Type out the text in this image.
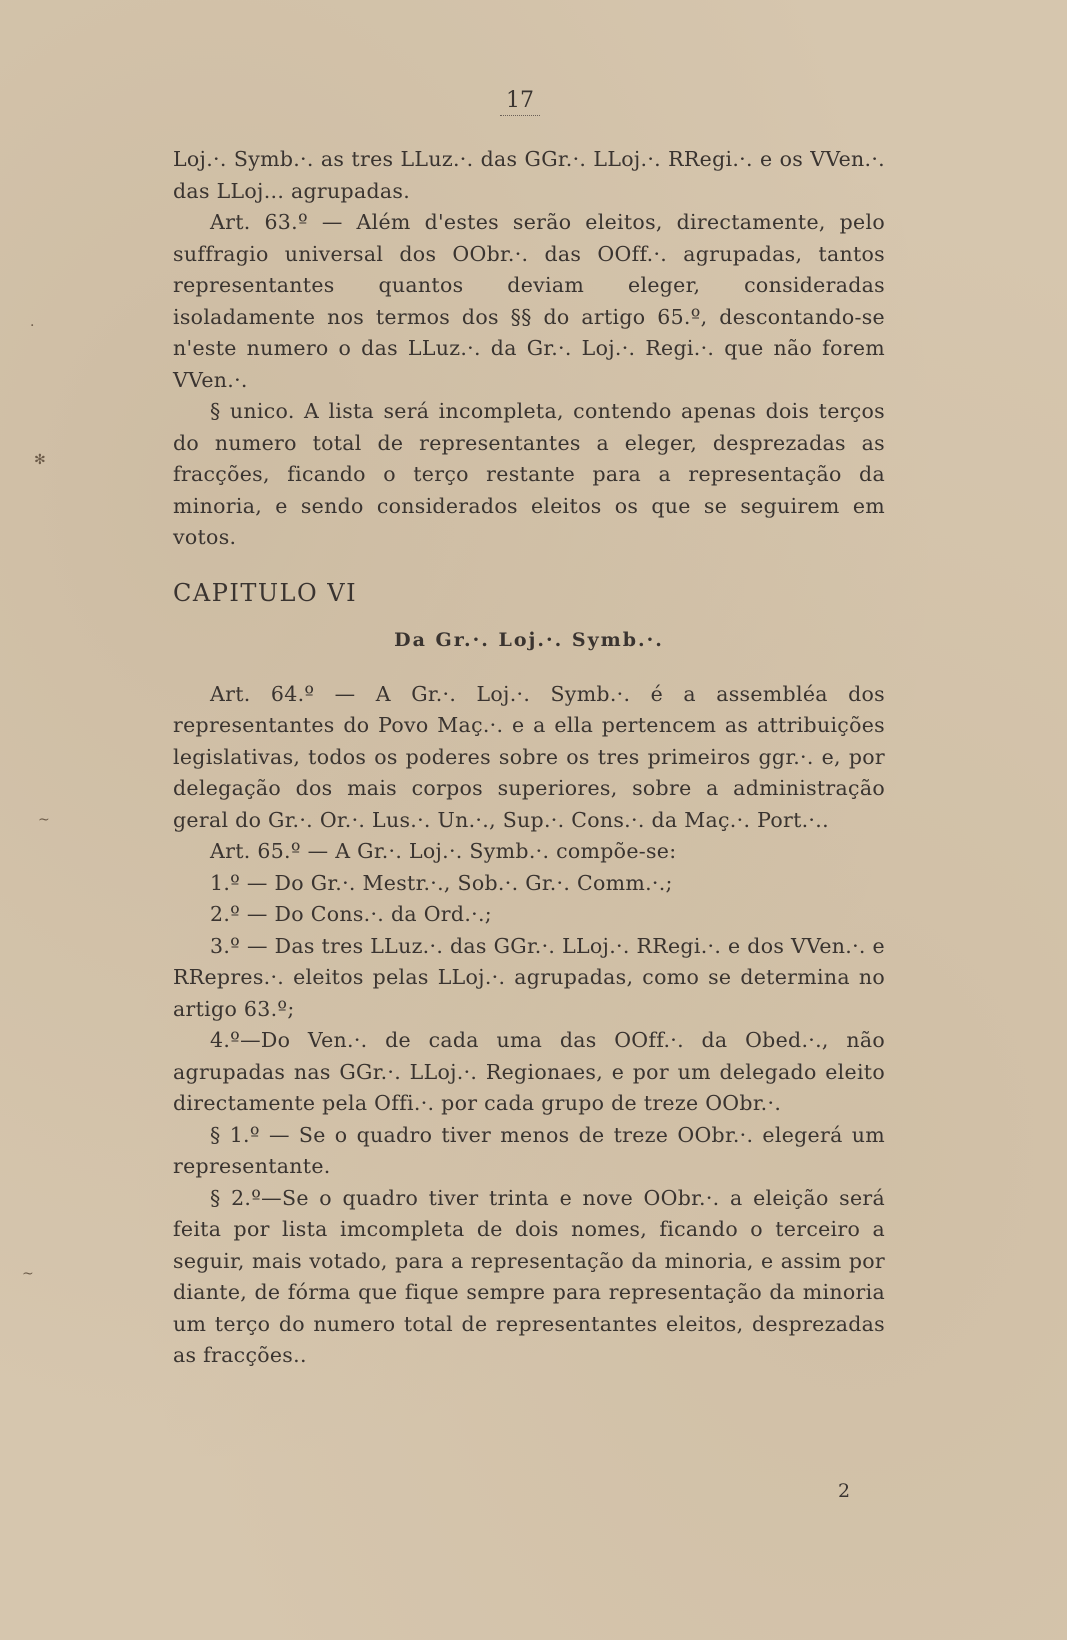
17

Loj.·. Symb.·. as tres LLuz.·. das GGr.·. LLoj.·. RRegi.·. e os VVen.·. das LLoj... agrupadas.

Art. 63.º — Além d'estes serão eleitos, directamente, pelo suffragio universal dos OObr.·. das OOff.·. agrupadas, tantos representantes quantos deviam eleger, consideradas isoladamente nos termos dos §§ do artigo 65.º, descontando-se n'este numero o das LLuz.·. da Gr.·. Loj.·. Regi.·. que não forem VVen.·.

§ unico. A lista será incompleta, contendo apenas dois terços do numero total de representantes a eleger, desprezadas as fracções, ficando o terço restante para a representação da minoria, e sendo considerados eleitos os que se seguirem em votos.

CAPITULO VI

Da Gr.·. Loj.·. Symb.·.

Art. 64.º — A Gr.·. Loj.·. Symb.·. é a assembléa dos representantes do Povo Maç.·. e a ella pertencem as attribuições legislativas, todos os poderes sobre os tres primeiros ggr.·. e, por delegação dos mais corpos superiores, sobre a administração geral do Gr.·. Or.·. Lus.·. Un.·., Sup.·. Cons.·. da Maç.·. Port.·..

Art. 65.º — A Gr.·. Loj.·. Symb.·. compõe-se:

1.º — Do Gr.·. Mestr.·., Sob.·. Gr.·. Comm.·.;

2.º — Do Cons.·. da Ord.·.;

3.º — Das tres LLuz.·. das GGr.·. LLoj.·. RRegi.·. e dos VVen.·. e RRepres.·. eleitos pelas LLoj.·. agrupadas, como se determina no artigo 63.º;

4.º—Do Ven.·. de cada uma das OOff.·. da Obed.·., não agrupadas nas GGr.·. LLoj.·. Regionaes, e por um delegado eleito directamente pela Offi.·. por cada grupo de treze OObr.·.

§ 1.º — Se o quadro tiver menos de treze OObr.·. elegerá um representante.

§ 2.º—Se o quadro tiver trinta e nove OObr.·. a eleição será feita por lista imcompleta de dois nomes, ficando o terceiro a seguir, mais votado, para a representação da minoria, e assim por diante, de fórma que fique sempre para representação da minoria um terço do numero total de representantes eleitos, desprezadas as fracções..

2
·
✻
~
~
